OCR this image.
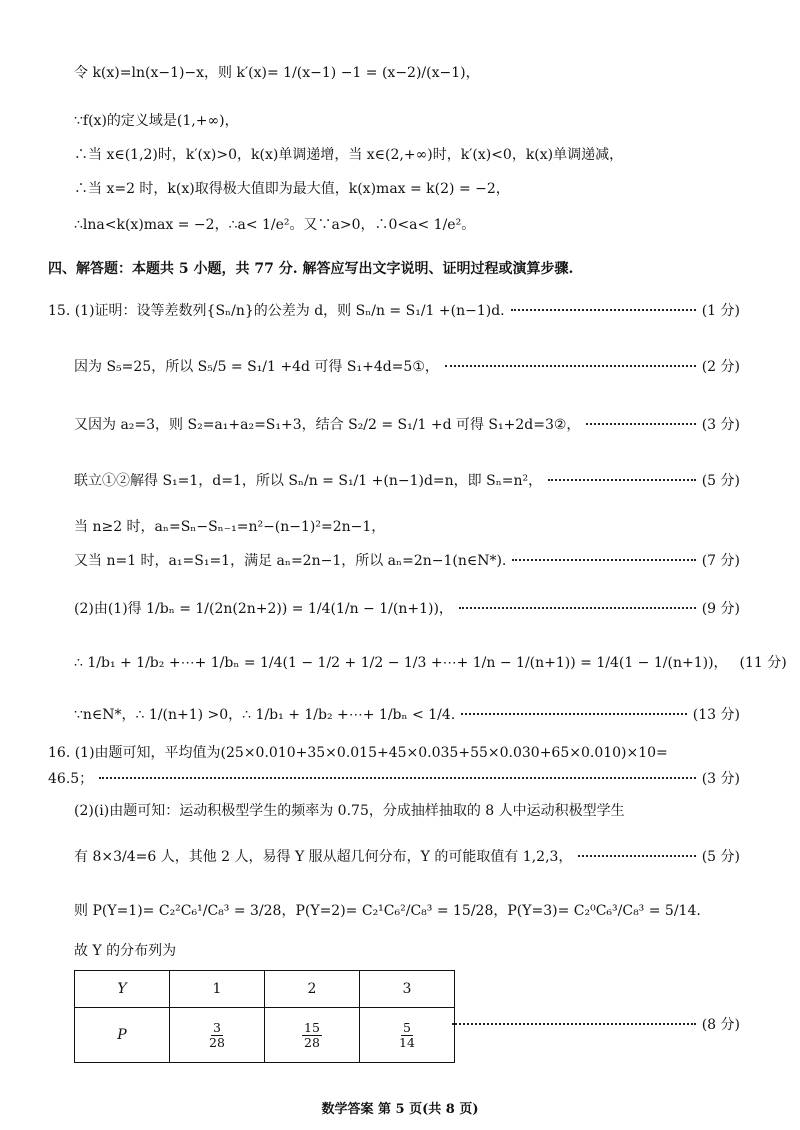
令 k(x)=ln(x−1)−x，则 k′(x)= 1/(x−1) −1 = (x−2)/(x−1)，
∵f(x)的定义域是(1,+∞)，
∴当 x∈(1,2)时，k′(x)>0，k(x)单调递增，当 x∈(2,+∞)时，k′(x)<0，k(x)单调递减，
∴当 x=2 时，k(x)取得极大值即为最大值，k(x)max = k(2) = −2，
∴lna<k(x)max = −2，∴a< 1/e²。又∵a>0，∴0<a< 1/e²。
四、解答题：本题共 5 小题，共 77 分. 解答应写出文字说明、证明过程或演算步骤.
15. (1)证明：设等差数列{Sₙ/n}的公差为 d，则 Sₙ/n = S₁/1 +(n−1)d.	(1 分)
因为 S₅=25，所以 S₅/5 = S₁/1 +4d 可得 S₁+4d=5①，	(2 分)
又因为 a₂=3，则 S₂=a₁+a₂=S₁+3，结合 S₂/2 = S₁/1 +d 可得 S₁+2d=3②，	(3 分)
联立①②解得 S₁=1，d=1，所以 Sₙ/n = S₁/1 +(n−1)d=n，即 Sₙ=n²，	(5 分)
当 n≥2 时，aₙ=Sₙ−Sₙ₋₁=n²−(n−1)²=2n−1，
又当 n=1 时，a₁=S₁=1，满足 aₙ=2n−1，所以 aₙ=2n−1(n∈N*).	(7 分)
(2)由(1)得 1/bₙ = 1/(2n(2n+2)) = 1/4(1/n − 1/(n+1))，	(9 分)
∴ 1/b₁ + 1/b₂ +⋯+ 1/bₙ = 1/4(1 − 1/2 + 1/2 − 1/3 +⋯+ 1/n − 1/(n+1)) = 1/4(1 − 1/(n+1))， (11 分)
∵n∈N*，∴ 1/(n+1) >0，∴ 1/b₁ + 1/b₂ +⋯+ 1/bₙ < 1/4.	(13 分)
16. (1)由题可知，平均值为(25×0.010+35×0.015+45×0.035+55×0.030+65×0.010)×10=
46.5；	(3 分)
(2)(ⅰ)由题可知：运动积极型学生的频率为 0.75，分成抽样抽取的 8 人中运动积极型学生
有 8×3/4=6 人，其他 2 人，易得 Y 服从超几何分布，Y 的可能取值有 1,2,3，	(5 分)
则 P(Y=1)= C₂²C₆¹/C₈³ = 3/28，P(Y=2)= C₂¹C₆²/C₈³ = 15/28，P(Y=3)= C₂⁰C₆³/C₈³ = 5/14.
故 Y 的分布列为
Y	1	2	3
P	$\frac{3}{28}$	$\frac{15}{28}$	$\frac{5}{14}$	(8 分)
数学答案 第 5 页(共 8 页)
